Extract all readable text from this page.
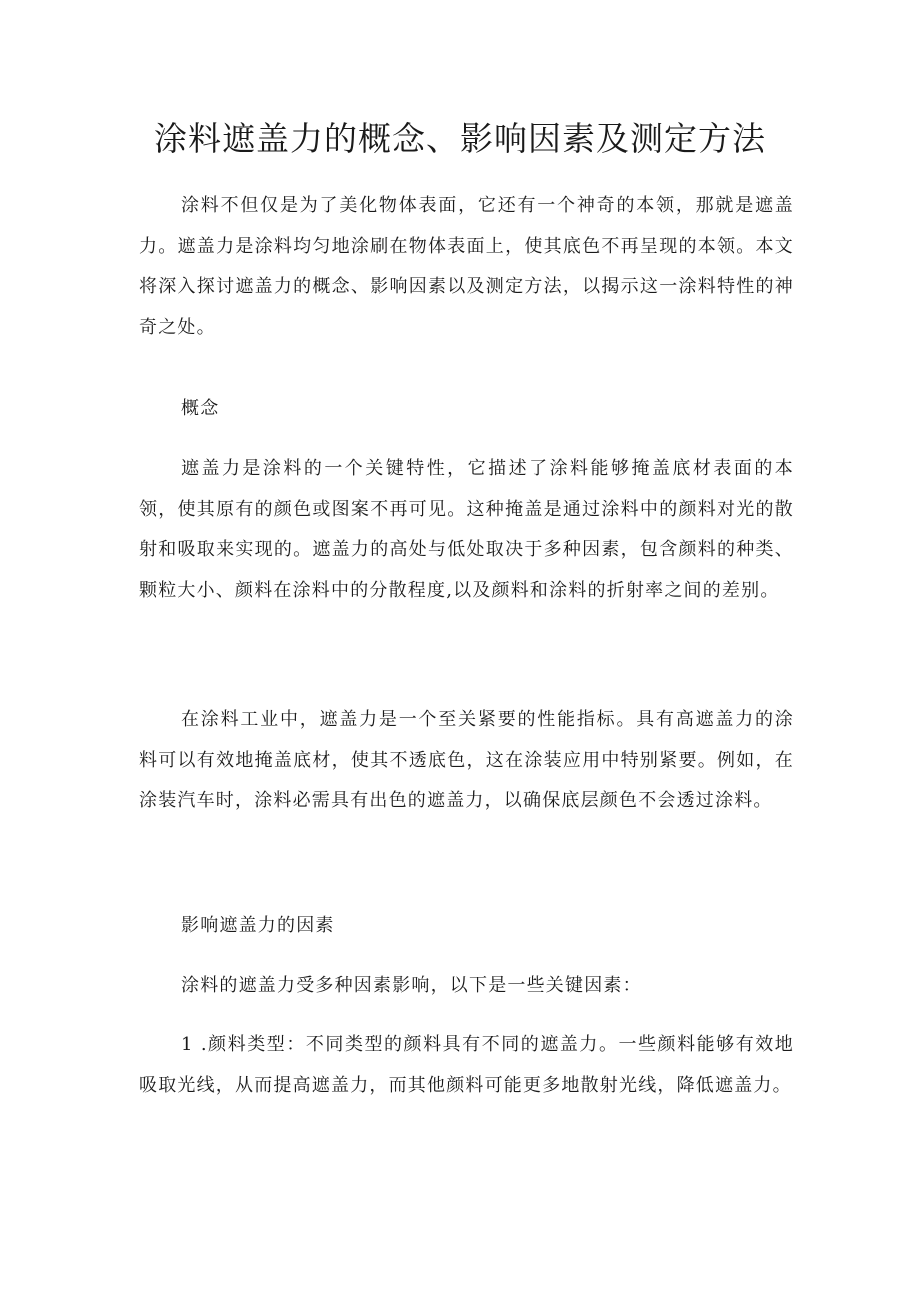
涂料遮盖力的概念、影响因素及测定方法

涂料不但仅是为了美化物体表面，它还有一个神奇的本领，那就是遮盖力。遮盖力是涂料均匀地涂刷在物体表面上，使其底色不再呈现的本领。本文将深入探讨遮盖力的概念、影响因素以及测定方法，以揭示这一涂料特性的神奇之处。

概念

遮盖力是涂料的一个关键特性，它描述了涂料能够掩盖底材表面的本领，使其原有的颜色或图案不再可见。这种掩盖是通过涂料中的颜料对光的散射和吸取来实现的。遮盖力的高处与低处取决于多种因素，包含颜料的种类、颗粒大小、颜料在涂料中的分散程度,以及颜料和涂料的折射率之间的差别。

在涂料工业中，遮盖力是一个至关紧要的性能指标。具有高遮盖力的涂料可以有效地掩盖底材，使其不透底色，这在涂装应用中特别紧要。例如，在涂装汽车时，涂料必需具有出色的遮盖力，以确保底层颜色不会透过涂料。

影响遮盖力的因素

涂料的遮盖力受多种因素影响，以下是一些关键因素：

1 .颜料类型：不同类型的颜料具有不同的遮盖力。一些颜料能够有效地吸取光线，从而提高遮盖力，而其他颜料可能更多地散射光线，降低遮盖力。
